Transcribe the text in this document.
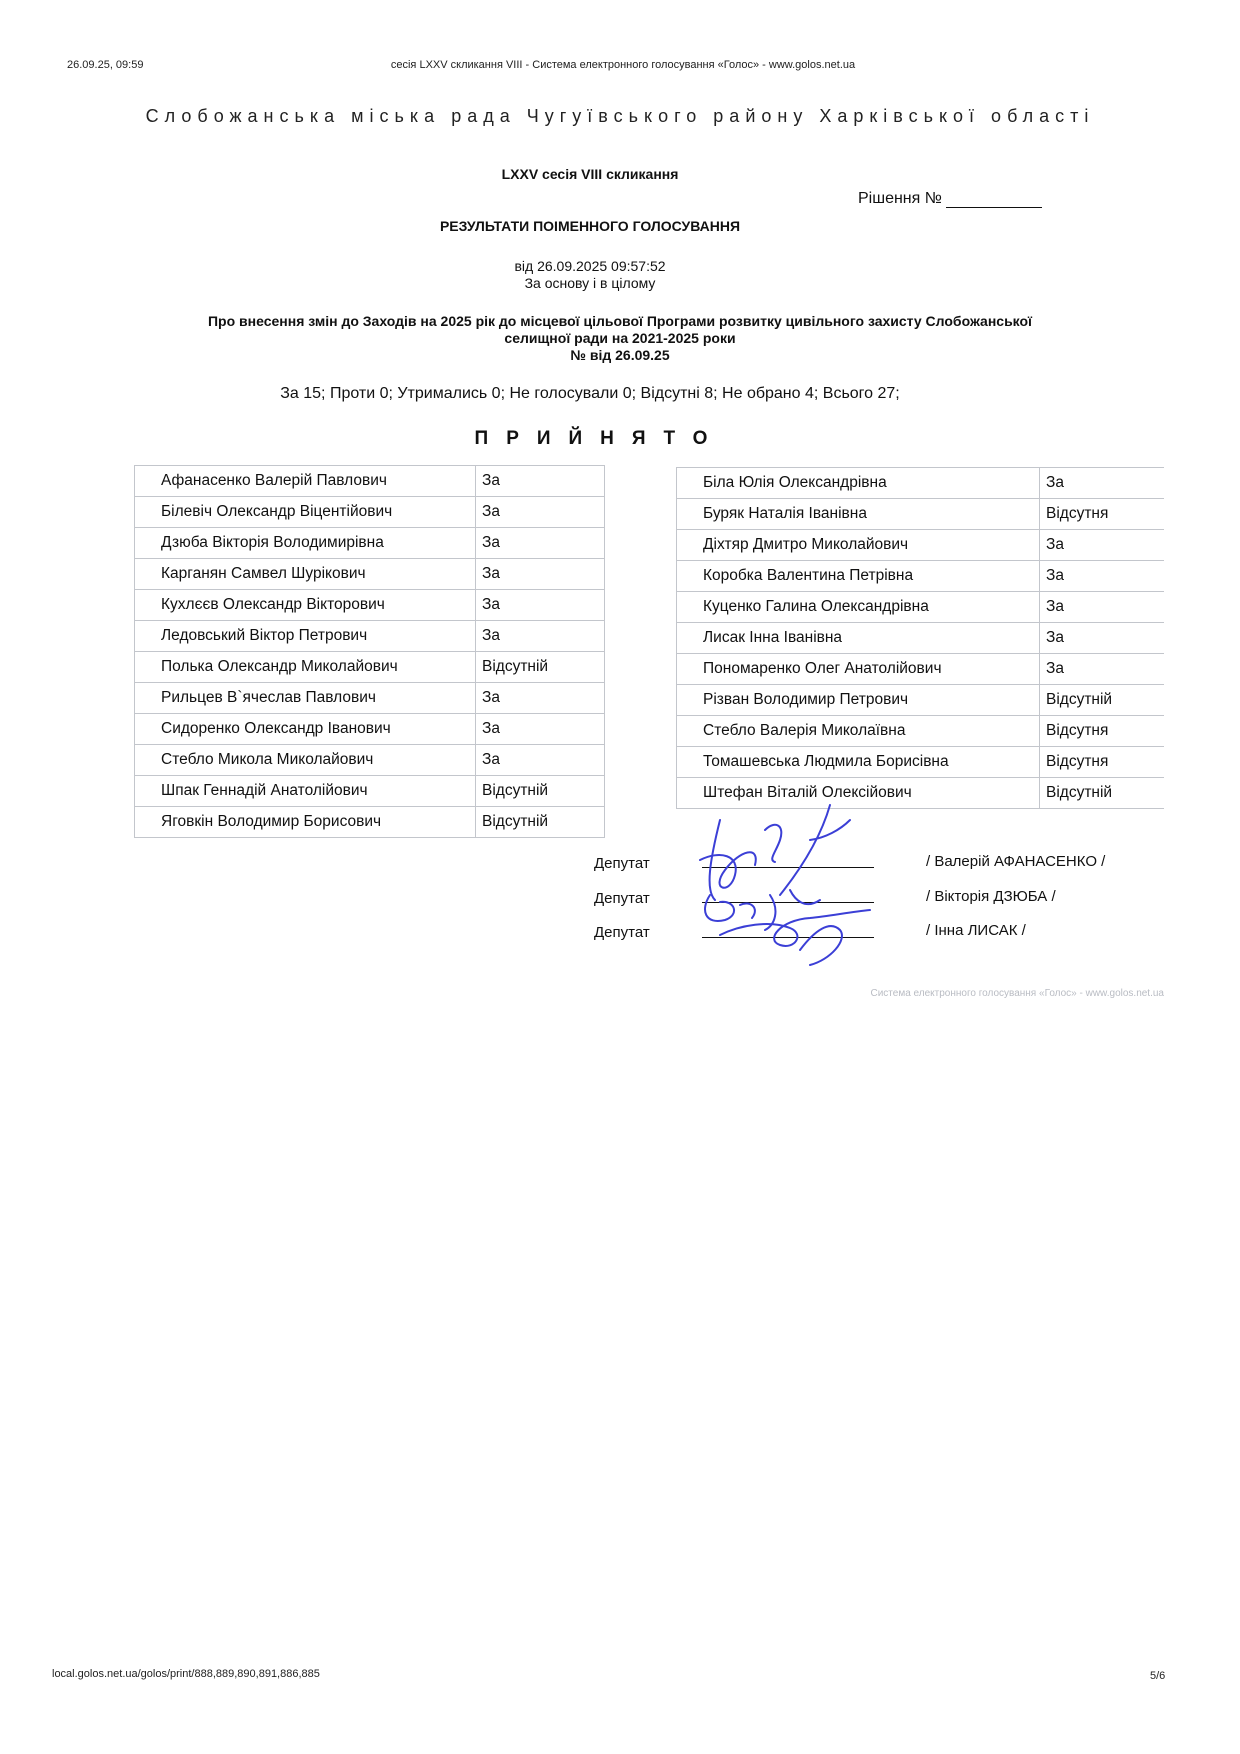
26.09.25, 09:59	сесія LXXV скликання VIII - Система електронного голосування «Голос» - www.golos.net.ua
Слобожанська міська рада Чугуївського району Харківської області
LXXV сесія VIII скликання
Рішення №
РЕЗУЛЬТАТИ ПОІМЕННОГО ГОЛОСУВАННЯ
від 26.09.2025 09:57:52
За основу і в цілому
Про внесення змін до Заходів на 2025 рік до місцевої цільової Програми розвитку цивільного захисту Слобожанської
селищної ради на 2021-2025 роки
№ від 26.09.25
За 15; Проти 0; Утримались 0; Не голосували 0; Відсутні 8; Не обрано 4; Всього 27;
ПРИЙНЯТО
Афанасенко Валерій Павлович	За
Білевіч Олександр Віцентійович	За
Дзюба Вікторія Володимирівна	За
Карганян Самвел Шурікович	За
Кухлєєв Олександр Вікторович	За
Ледовський Віктор Петрович	За
Полька Олександр Миколайович	Відсутній
Рильцев В`ячеслав Павлович	За
Сидоренко Олександр Іванович	За
Стебло Микола Миколайович	За
Шпак Геннадій Анатолійович	Відсутній
Яговкін Володимир Борисович	Відсутній
Біла Юлія Олександрівна	За
Буряк Наталія Іванівна	Відсутня
Діхтяр Дмитро Миколайович	За
Коробка Валентина Петрівна	За
Куценко Галина Олександрівна	За
Лисак Інна Іванівна	За
Пономаренко Олег Анатолійович	За
Різван Володимир Петрович	Відсутній
Стебло Валерія Миколаївна	Відсутня
Томашевська Людмила Борисівна	Відсутня
Штефан Віталій Олексійович	Відсутній
Депутат	/ Валерій АФАНАСЕНКО /
Депутат	/ Вікторія ДЗЮБА /
Депутат	/ Інна ЛИСАК /
Система електронного голосування «Голос» - www.golos.net.ua
local.golos.net.ua/golos/print/888,889,890,891,886,885	5/6
